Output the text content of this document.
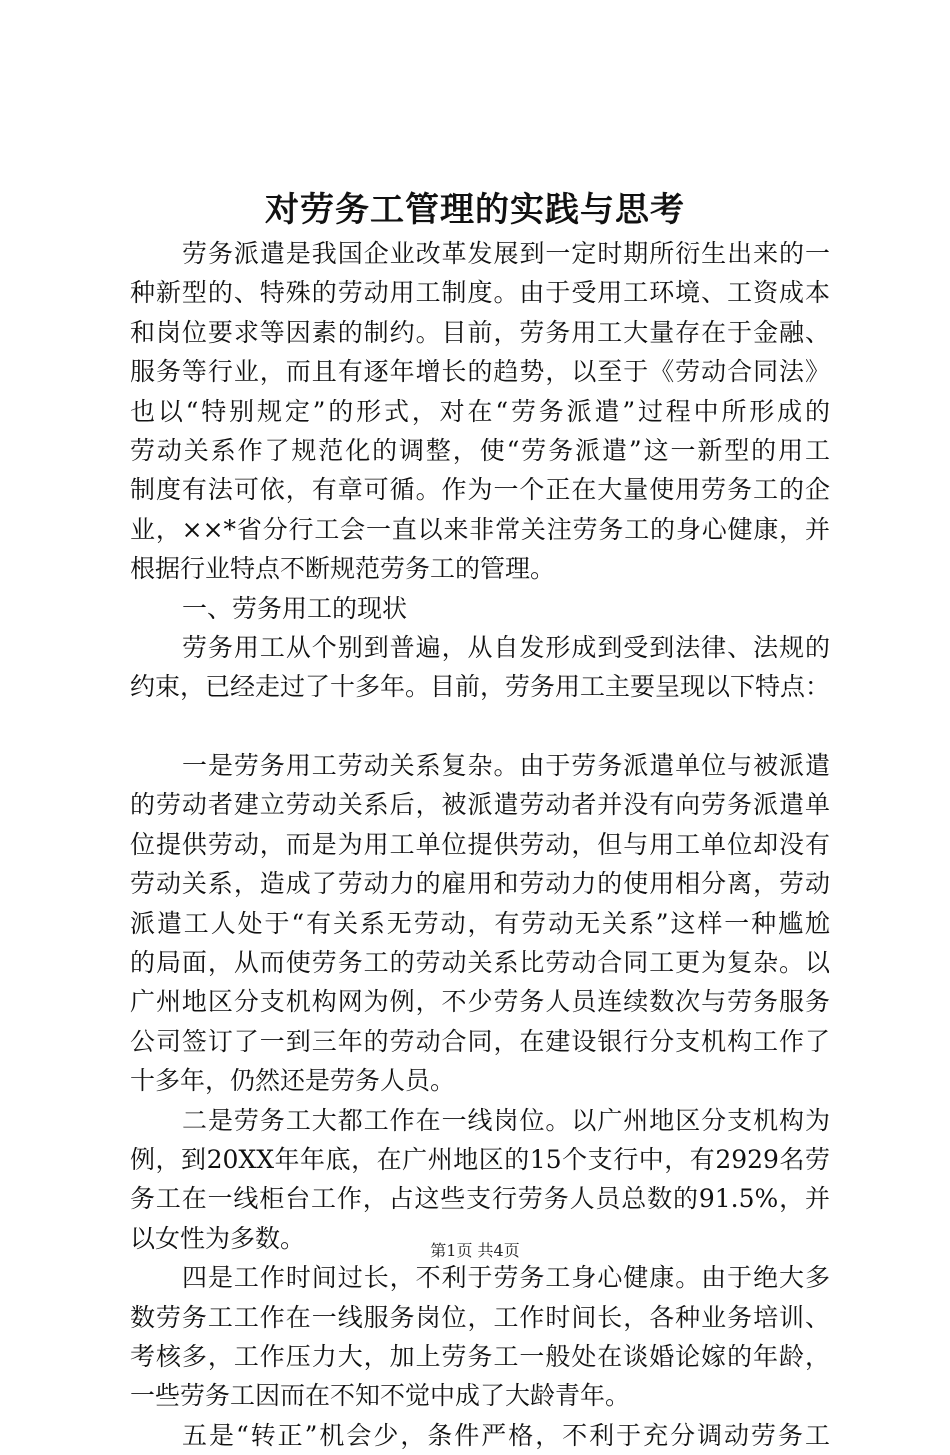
对劳务工管理的实践与思考
劳务派遣是我国企业改革发展到一定时期所衍生出来的一
种新型的、特殊的劳动用工制度。由于受用工环境、工资成本
和岗位要求等因素的制约。目前，劳务用工大量存在于金融、
服务等行业，而且有逐年增长的趋势，以至于《劳动合同法》
也以“特别规定”的形式，对在“劳务派遣”过程中所形成的
劳动关系作了规范化的调整，使“劳务派遣”这一新型的用工
制度有法可依，有章可循。作为一个正在大量使用劳务工的企
业，××*省分行工会一直以来非常关注劳务工的身心健康，并
根据行业特点不断规范劳务工的管理。
一、劳务用工的现状
劳务用工从个别到普遍，从自发形成到受到法律、法规的
约束，已经走过了十多年。目前，劳务用工主要呈现以下特点：
一是劳务用工劳动关系复杂。由于劳务派遣单位与被派遣
的劳动者建立劳动关系后，被派遣劳动者并没有向劳务派遣单
位提供劳动，而是为用工单位提供劳动，但与用工单位却没有
劳动关系，造成了劳动力的雇用和劳动力的使用相分离，劳动
派遣工人处于“有关系无劳动，有劳动无关系”这样一种尴尬
的局面，从而使劳务工的劳动关系比劳动合同工更为复杂。以
广州地区分支机构网为例，不少劳务人员连续数次与劳务服务
公司签订了一到三年的劳动合同，在建设银行分支机构工作了
十多年，仍然还是劳务人员。
二是劳务工大都工作在一线岗位。以广州地区分支机构为
例，到20XX年年底，在广州地区的15个支行中，有2929名劳
务工在一线柜台工作，占这些支行劳务人员总数的91.5%，并
以女性为多数。
四是工作时间过长，不利于劳务工身心健康。由于绝大多
数劳务工工作在一线服务岗位，工作时间长，各种业务培训、
考核多，工作压力大，加上劳务工一般处在谈婚论嫁的年龄，
一些劳务工因而在不知不觉中成了大龄青年。
五是“转正”机会少，条件严格，不利于充分调动劳务工
第1页 共4页
